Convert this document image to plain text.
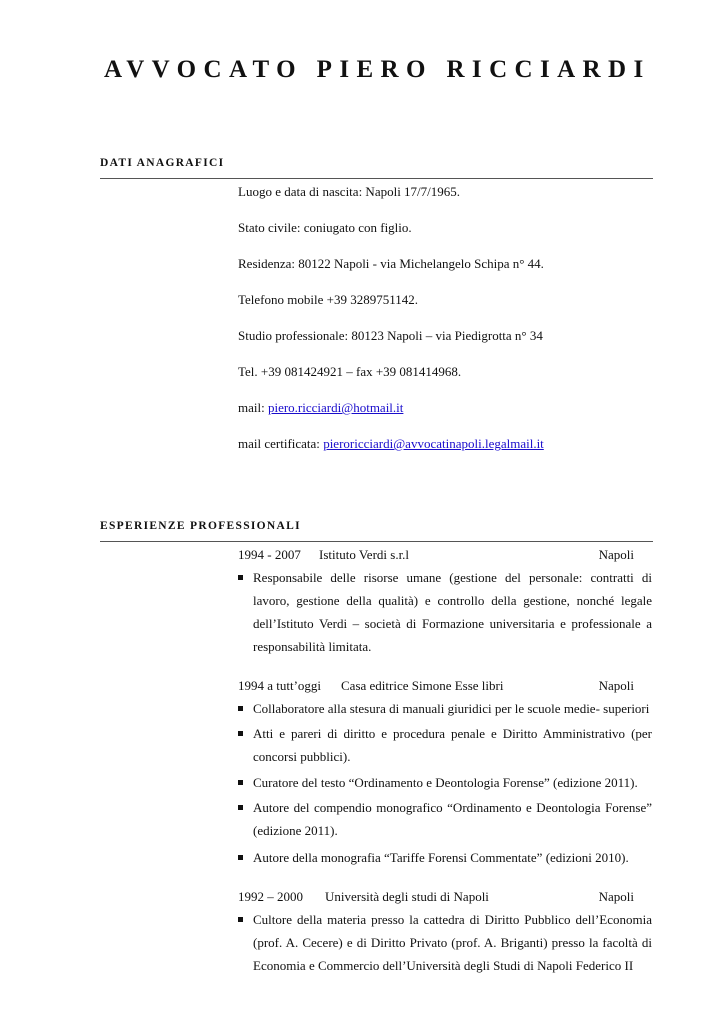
AVVOCATO PIERO RICCIARDI
DATI ANAGRAFICI
Luogo e data di nascita: Napoli 17/7/1965.
Stato civile: coniugato con figlio.
Residenza: 80122 Napoli - via Michelangelo Schipa n° 44.
Telefono mobile +39 3289751142.
Studio professionale: 80123 Napoli – via Piedigrotta n° 34
Tel. +39 081424921 – fax +39 081414968.
mail: piero.ricciardi@hotmail.it
mail certificata: pieroricciardi@avvocatinapoli.legalmail.it
ESPERIENZE PROFESSIONALI
1994 - 2007 Istituto Verdi s.r.l	Napoli
Responsabile delle risorse umane (gestione del personale: contratti di lavoro, gestione della qualità) e controllo della gestione, nonché legale dell’Istituto Verdi – società di Formazione universitaria e professionale a responsabilità limitata.
1994 a tutt’oggi Casa editrice Simone Esse libri	Napoli
Collaboratore alla stesura di manuali giuridici per le scuole medie- superiori
Atti e pareri di diritto e procedura penale e Diritto Amministrativo (per concorsi pubblici).
Curatore del testo “Ordinamento e Deontologia Forense” (edizione 2011).
Autore del compendio monografico “Ordinamento e Deontologia Forense” (edizione 2011).
Autore della monografia “Tariffe Forensi Commentate” (edizioni 2010).
1992 – 2000 Università degli studi di Napoli	Napoli
Cultore della materia presso la cattedra di Diritto Pubblico dell’Economia (prof. A. Cecere) e di Diritto Privato (prof. A. Briganti) presso la facoltà di Economia e Commercio dell’Università degli Studi di Napoli Federico II
